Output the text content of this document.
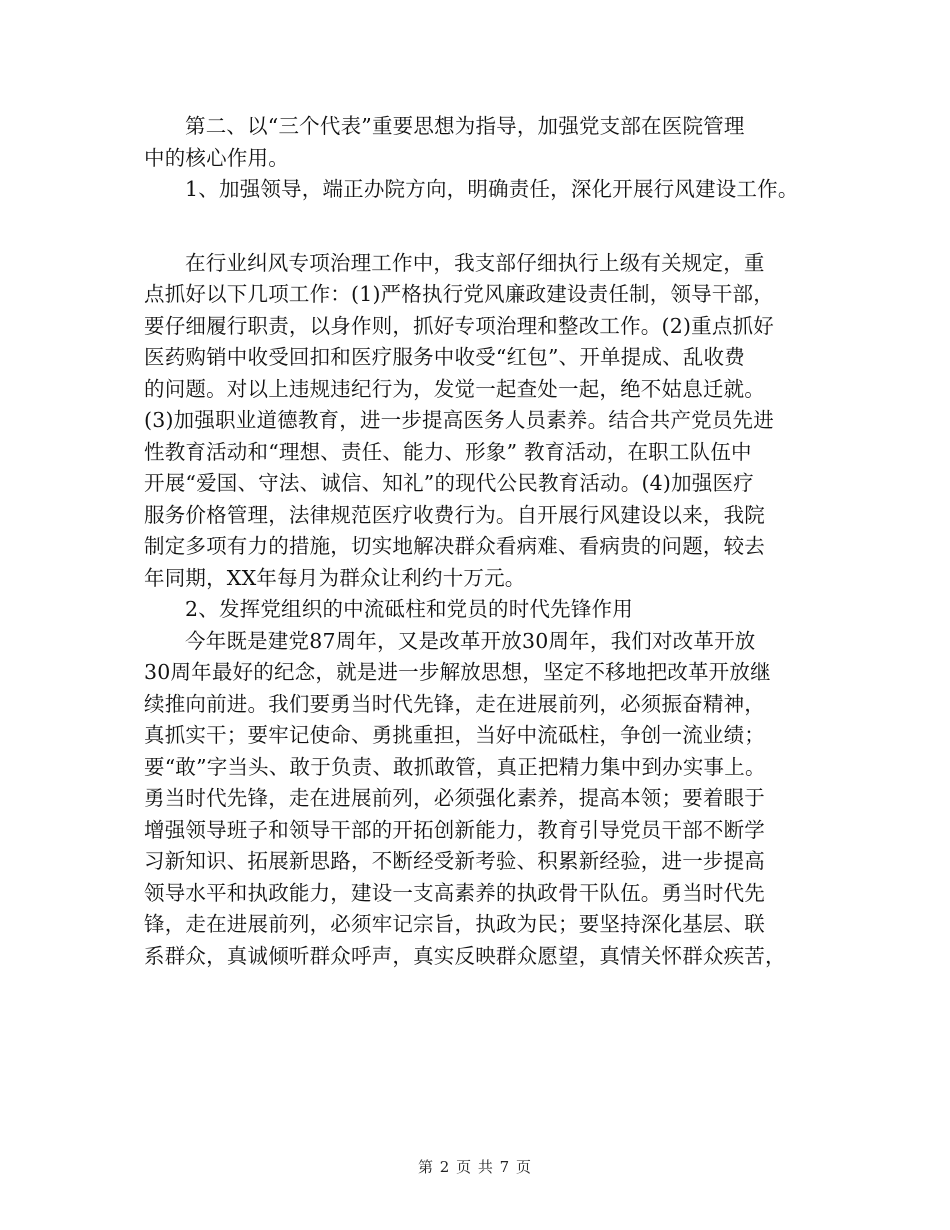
第二、以“三个代表”重要思想为指导，加强党支部在医院管理
中的核心作用。
1、加强领导，端正办院方向，明确责任，深化开展行风建设工作。
在行业纠风专项治理工作中，我支部仔细执行上级有关规定，重
点抓好以下几项工作：(1)严格执行党风廉政建设责任制，领导干部，
要仔细履行职责，以身作则，抓好专项治理和整改工作。(2)重点抓好
医药购销中收受回扣和医疗服务中收受“红包”、开单提成、乱收费
的问题。对以上违规违纪行为，发觉一起查处一起，绝不姑息迁就。
(3)加强职业道德教育，进一步提高医务人员素养。结合共产党员先进
性教育活动和“理想、责任、能力、形象” 教育活动，在职工队伍中
开展“爱国、守法、诚信、知礼”的现代公民教育活动。(4)加强医疗
服务价格管理，法律规范医疗收费行为。自开展行风建设以来，我院
制定多项有力的措施，切实地解决群众看病难、看病贵的问题，较去
年同期，XX年每月为群众让利约十万元。
2、发挥党组织的中流砥柱和党员的时代先锋作用
今年既是建党87周年，又是改革开放30周年，我们对改革开放
30周年最好的纪念，就是进一步解放思想，坚定不移地把改革开放继
续推向前进。我们要勇当时代先锋，走在进展前列，必须振奋精神，
真抓实干；要牢记使命、勇挑重担，当好中流砥柱，争创一流业绩；
要“敢”字当头、敢于负责、敢抓敢管，真正把精力集中到办实事上。
勇当时代先锋，走在进展前列，必须强化素养，提高本领；要着眼于
增强领导班子和领导干部的开拓创新能力，教育引导党员干部不断学
习新知识、拓展新思路，不断经受新考验、积累新经验，进一步提高
领导水平和执政能力，建设一支高素养的执政骨干队伍。勇当时代先
锋，走在进展前列，必须牢记宗旨，执政为民；要坚持深化基层、联
系群众，真诚倾听群众呼声，真实反映群众愿望，真情关怀群众疾苦，
第 2 页 共 7 页
